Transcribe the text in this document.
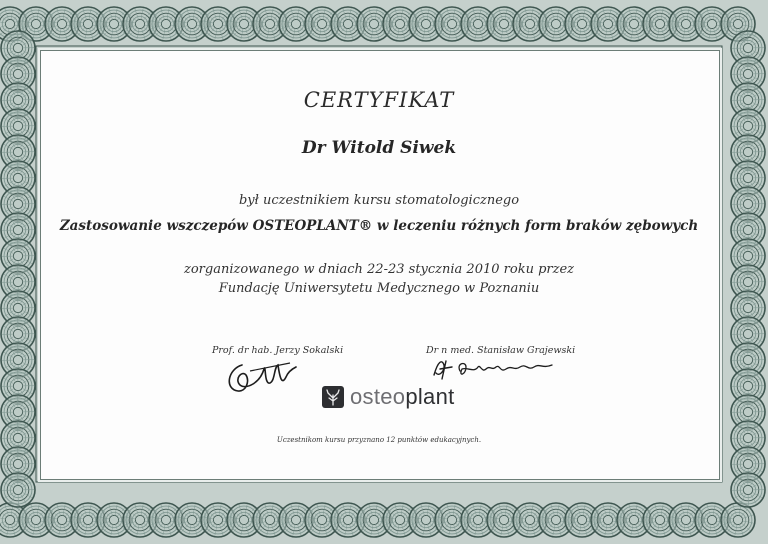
CERTYFIKAT
Dr Witold Siwek
był uczestnikiem kursu stomatologicznego
Zastosowanie wszczepów OSTEOPLANT® w leczeniu różnych form braków zębowych
zorganizowanego w dniach 22-23 stycznia 2010 roku przez
Fundację Uniwersytetu Medycznego w Poznaniu
Prof. dr hab. Jerzy Sokalski	Dr n med. Stanisław Grajewski
osteoplant
Uczestnikom kursu przyznano 12 punktów edukacyjnych.
